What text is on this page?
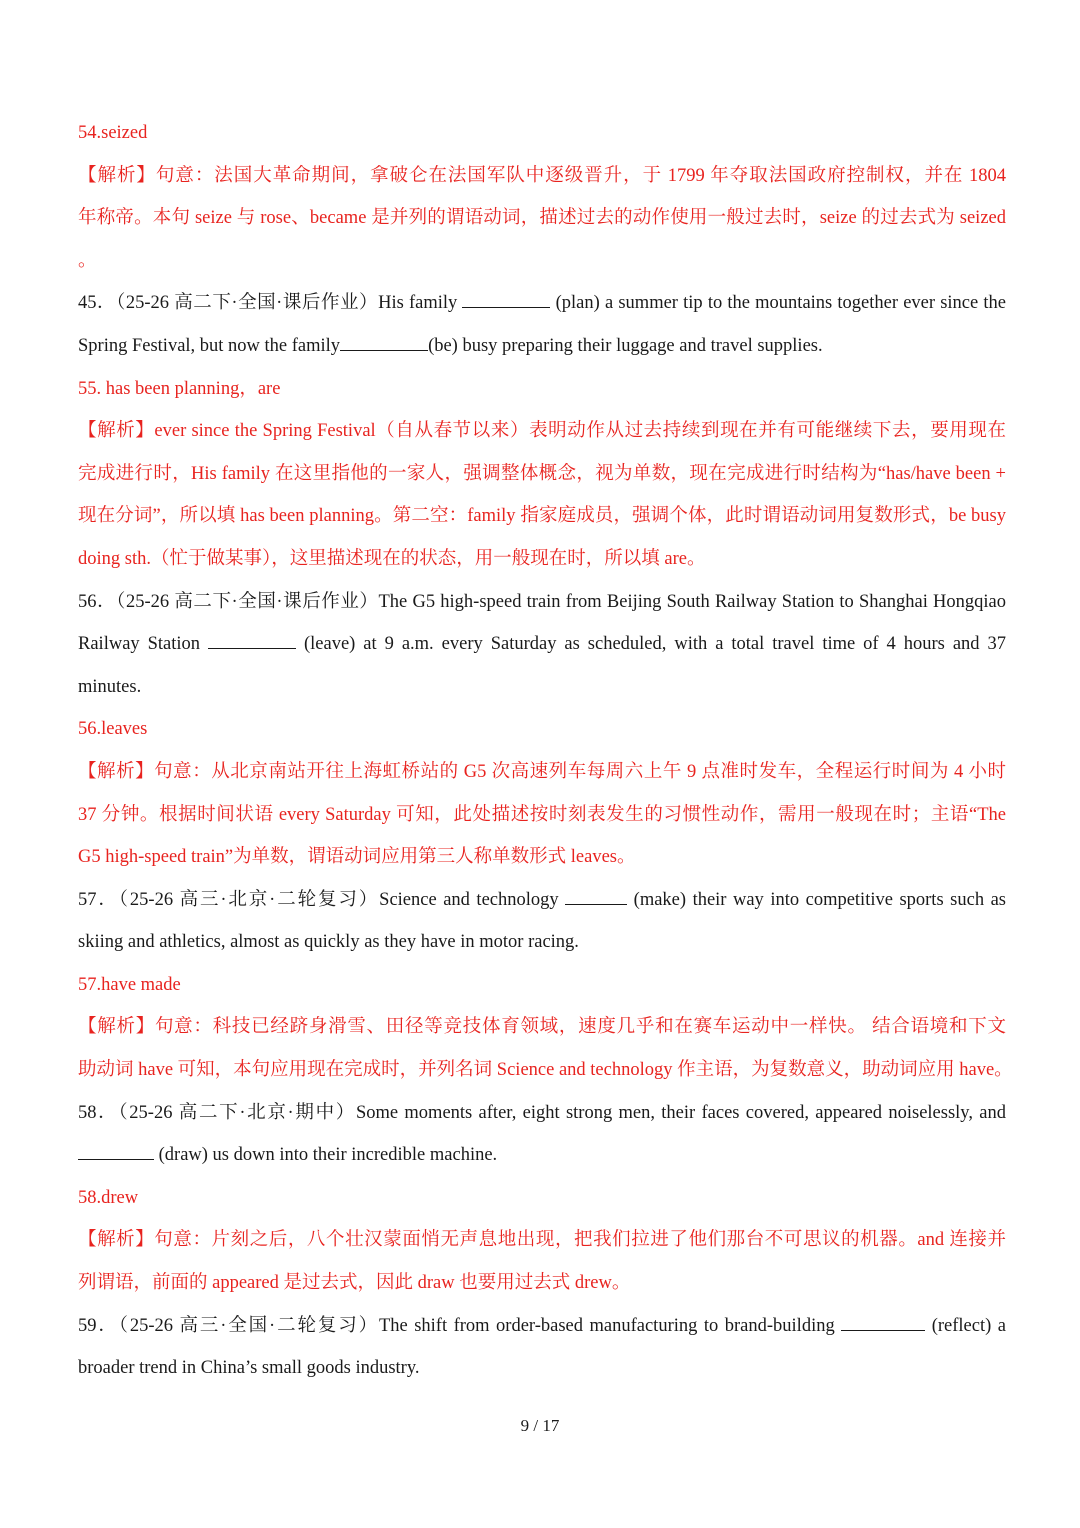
54.seized
【解析】句意：法国大革命期间，拿破仑在法国军队中逐级晋升，于 1799 年夺取法国政府控制权，并在 1804
年称帝。本句 seize 与 rose、became 是并列的谓语动词，描述过去的动作使用一般过去时，seize 的过去式为 seized
。
45．（25-26 高二下·全国·课后作业）His family	(plan) a summer tip to the mountains together ever since the
Spring Festival, but now the family	(be) busy preparing their luggage and travel supplies.
55. has been planning，are
【解析】ever since the Spring Festival（自从春节以来）表明动作从过去持续到现在并有可能继续下去，要用现在
完成进行时，His family 在这里指他的一家人，强调整体概念，视为单数，现在完成进行时结构为“has/have been +
现在分词”，所以填 has been planning。第二空：family 指家庭成员，强调个体，此时谓语动词用复数形式，be busy
doing sth.（忙于做某事），这里描述现在的状态，用一般现在时，所以填 are。
56．（25-26 高二下·全国·课后作业）The G5 high-speed train from Beijing South Railway Station to Shanghai Hongqiao
Railway Station	(leave) at 9 a.m. every Saturday as scheduled, with a total travel time of 4 hours and 37
minutes.
56.leaves
【解析】句意：从北京南站开往上海虹桥站的 G5 次高速列车每周六上午 9 点准时发车，全程运行时间为 4 小时
37 分钟。根据时间状语 every Saturday 可知，此处描述按时刻表发生的习惯性动作，需用一般现在时；主语“The
G5 high-speed train”为单数，谓语动词应用第三人称单数形式 leaves。
57．（25-26 高三·北京·二轮复习）Science and technology	(make) their way into competitive sports such as
skiing and athletics, almost as quickly as they have in motor racing.
57.have made
【解析】句意：科技已经跻身滑雪、田径等竞技体育领域，速度几乎和在赛车运动中一样快。 结合语境和下文
助动词 have 可知，本句应用现在完成时，并列名词 Science and technology 作主语，为复数意义，助动词应用 have。
58．（25-26 高二下·北京·期中）Some moments after, eight strong men, their faces covered, appeared noiselessly, and
(draw) us down into their incredible machine.
58.drew
【解析】句意：片刻之后，八个壮汉蒙面悄无声息地出现，把我们拉进了他们那台不可思议的机器。and 连接并
列谓语，前面的 appeared 是过去式，因此 draw 也要用过去式 drew。
59．（25-26 高三·全国·二轮复习）The shift from order-based manufacturing to brand-building	(reflect) a
broader trend in China’s small goods industry.
9 / 17
